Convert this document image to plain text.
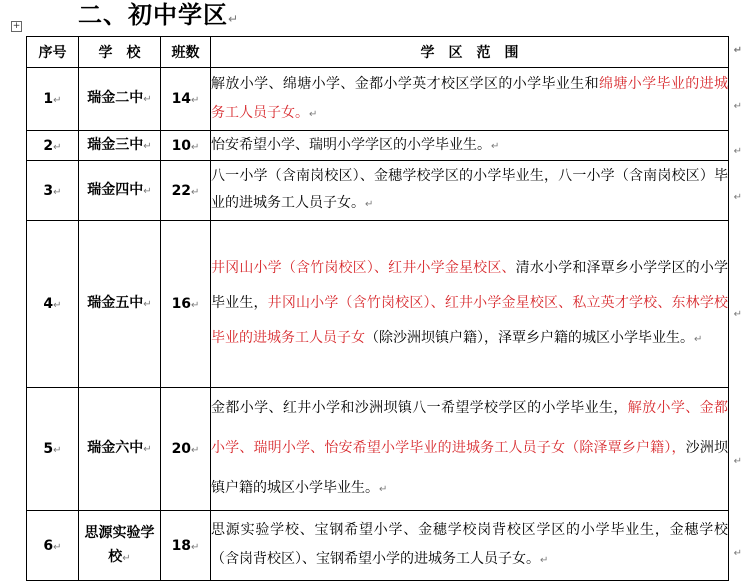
二、初中学区↵
+
序号	学　校	班数	学　区　范　围 ↵

1↵	瑞金二中↵	14↵	解放小学、绵塘小学、金都小学英才校区学区的小学毕业生和绵塘小学毕业的进城务工人员子女。↵
↵

2↵	瑞金三中↵	10↵	怡安希望小学、瑞明小学学区的小学毕业生。↵ ↵

3↵	瑞金四中↵	22↵	八一小学（含南岗校区）、金穗学校学区的小学毕业生，八一小学（含南岗校区）毕业的进城务工人员子女。↵
↵

4↵	瑞金五中↵	16↵	井冈山小学（含竹岗校区）、红井小学金星校区、清水小学和泽覃乡小学学区的小学毕业生，井冈山小学（含竹岗校区）、红井小学金星校区、私立英才学校、东林学校毕业的进城务工人员子女（除沙洲坝镇户籍），泽覃乡户籍的城区小学毕业生。↵
↵

5↵	瑞金六中↵	20↵	金都小学、红井小学和沙洲坝镇八一希望学校学区的小学毕业生，解放小学、金都小学、瑞明小学、怡安希望小学毕业的进城务工人员子女（除泽覃乡户籍），沙洲坝镇户籍的城区小学毕业生。↵
↵

6↵	思源实验学校↵	18↵	思源实验学校、宝钢希望小学、金穗学校岗背校区学区的小学毕业生，金穗学校（含岗背校区）、宝钢希望小学的进城务工人员子女。↵
↵
